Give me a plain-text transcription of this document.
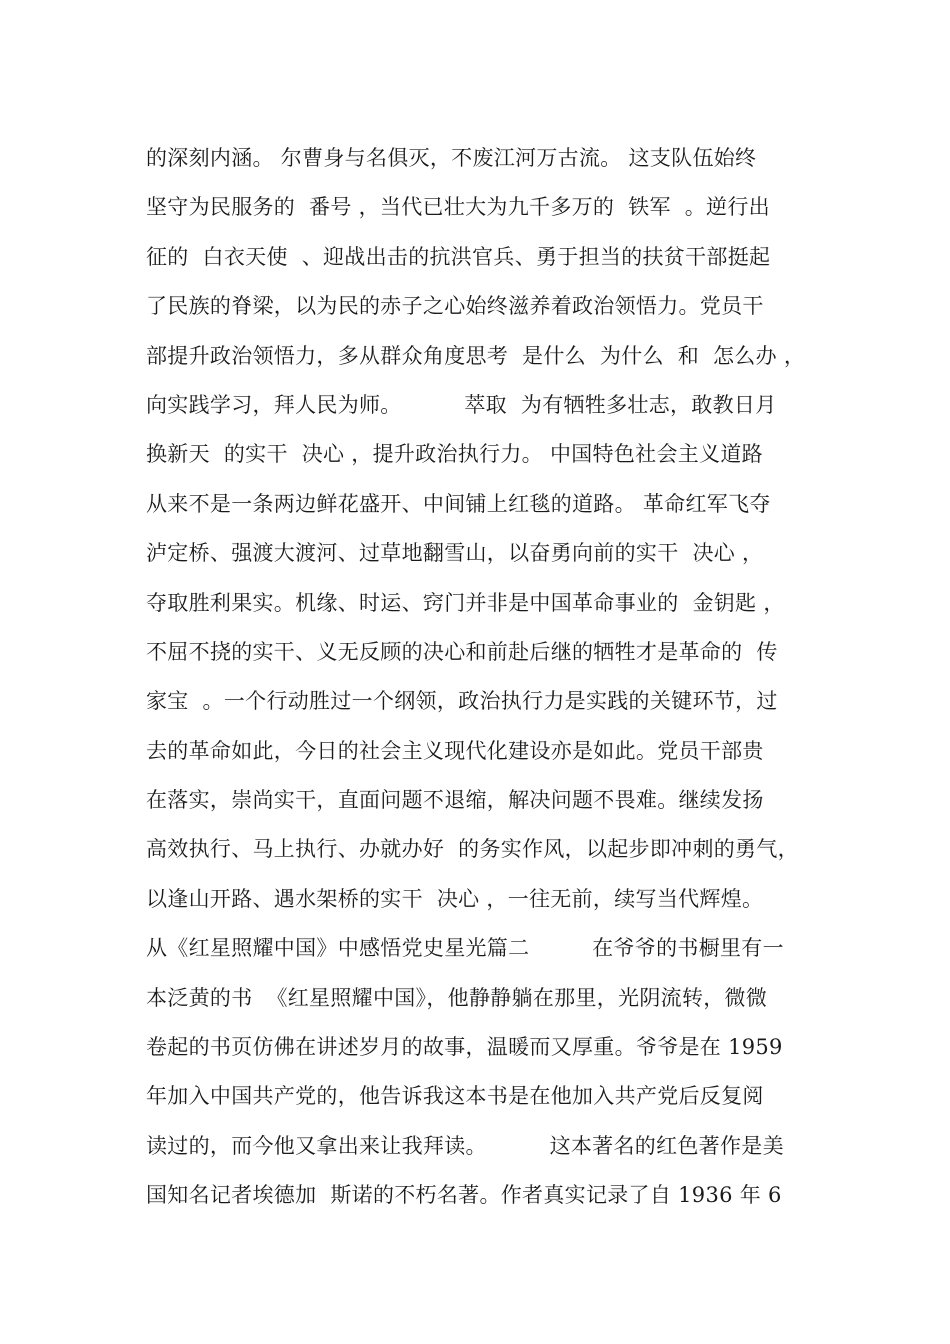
的深刻内涵。 尔曹身与名俱灭，不废江河万古流。 这支队伍始终
坚守为民服务的  番号 ，当代已壮大为九千多万的  铁军  。逆行出
征的  白衣天使  、迎战出击的抗洪官兵、勇于担当的扶贫干部挺起
了民族的脊梁，以为民的赤子之心始终滋养着政治领悟力。党员干
部提升政治领悟力，多从群众角度思考  是什么  为什么  和  怎么办 ，
向实践学习，拜人民为师。         萃取  为有牺牲多壮志，敢教日月
换新天  的实干  决心 ，提升政治执行力。 中国特色社会主义道路
从来不是一条两边鲜花盛开、中间铺上红毯的道路。 革命红军飞夺
泸定桥、强渡大渡河、过草地翻雪山，以奋勇向前的实干  决心 ，
夺取胜利果实。机缘、时运、窍门并非是中国革命事业的  金钥匙 ，
不屈不挠的实干、义无反顾的决心和前赴后继的牺牲才是革命的  传
家宝  。一个行动胜过一个纲领，政治执行力是实践的关键环节，过
去的革命如此，今日的社会主义现代化建设亦是如此。党员干部贵
在落实，崇尚实干，直面问题不退缩，解决问题不畏难。继续发扬
高效执行、马上执行、办就办好  的务实作风，以起步即冲刺的勇气，
以逢山开路、遇水架桥的实干  决心 ，一往无前，续写当代辉煌。
从《红星照耀中国》中感悟党史星光篇二         在爷爷的书橱里有一
本泛黄的书  《红星照耀中国》，他静静躺在那里，光阴流转，微微
卷起的书页仿佛在讲述岁月的故事，温暖而又厚重。爷爷是在 1959
年加入中国共产党的，他告诉我这本书是在他加入共产党后反复阅
读过的，而今他又拿出来让我拜读。         这本著名的红色著作是美
国知名记者埃德加  斯诺的不朽名著。作者真实记录了自 1936 年 6
